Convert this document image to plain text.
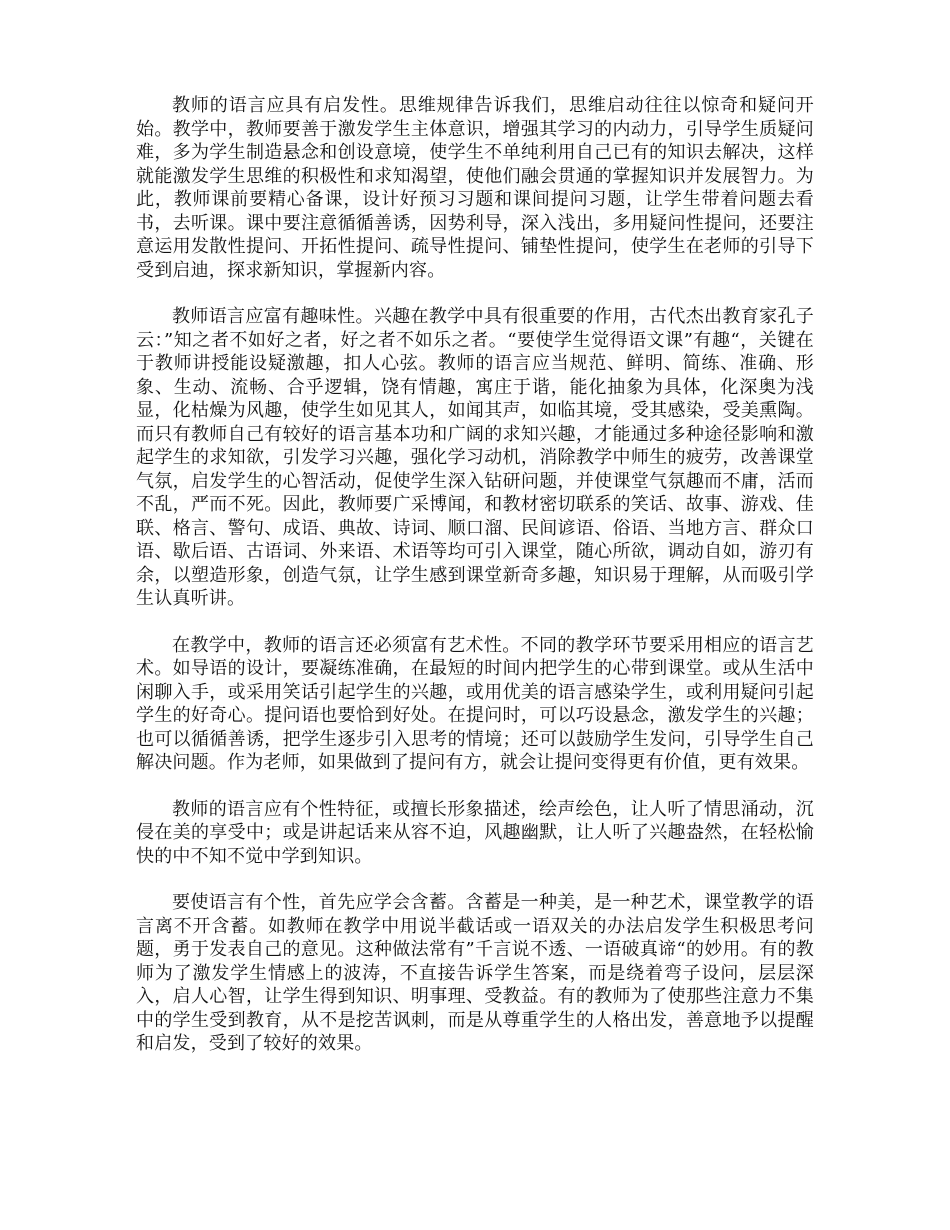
教师的语言应具有启发性。思维规律告诉我们，思维启动往往以惊奇和疑问开始。教学中，教师要善于激发学生主体意识，增强其学习的内动力，引导学生质疑问难，多为学生制造悬念和创设意境，使学生不单纯利用自己已有的知识去解决，这样就能激发学生思维的积极性和求知渴望，使他们融会贯通的掌握知识并发展智力。为此，教师课前要精心备课，设计好预习习题和课间提问习题，让学生带着问题去看书，去听课。课中要注意循循善诱，因势利导，深入浅出，多用疑问性提问，还要注意运用发散性提问、开拓性提问、疏导性提问、铺垫性提问，使学生在老师的引导下受到启迪，探求新知识，掌握新内容。

教师语言应富有趣味性。兴趣在教学中具有很重要的作用，古代杰出教育家孔子云：”知之者不如好之者，好之者不如乐之者。“要使学生觉得语文课”有趣“，关键在于教师讲授能设疑激趣，扣人心弦。教师的语言应当规范、鲜明、简练、准确、形象、生动、流畅、合乎逻辑，饶有情趣，寓庄于谐，能化抽象为具体，化深奥为浅显，化枯燥为风趣，使学生如见其人，如闻其声，如临其境，受其感染，受美熏陶。而只有教师自己有较好的语言基本功和广阔的求知兴趣，才能通过多种途径影响和激起学生的求知欲，引发学习兴趣，强化学习动机，消除教学中师生的疲劳，改善课堂气氛，启发学生的心智活动，促使学生深入钻研问题，并使课堂气氛趣而不庸，活而不乱，严而不死。因此，教师要广采博闻，和教材密切联系的笑话、故事、游戏、佳联、格言、警句、成语、典故、诗词、顺口溜、民间谚语、俗语、当地方言、群众口语、歇后语、古语词、外来语、术语等均可引入课堂，随心所欲，调动自如，游刃有余，以塑造形象，创造气氛，让学生感到课堂新奇多趣，知识易于理解，从而吸引学生认真听讲。

在教学中，教师的语言还必须富有艺术性。不同的教学环节要采用相应的语言艺术。如导语的设计，要凝练准确，在最短的时间内把学生的心带到课堂。或从生活中闲聊入手，或采用笑话引起学生的兴趣，或用优美的语言感染学生，或利用疑问引起学生的好奇心。提问语也要恰到好处。在提问时，可以巧设悬念，激发学生的兴趣；也可以循循善诱，把学生逐步引入思考的情境；还可以鼓励学生发问，引导学生自己解决问题。作为老师，如果做到了提问有方，就会让提问变得更有价值，更有效果。

教师的语言应有个性特征，或擅长形象描述，绘声绘色，让人听了情思涌动，沉侵在美的享受中；或是讲起话来从容不迫，风趣幽默，让人听了兴趣盎然，在轻松愉快的中不知不觉中学到知识。

要使语言有个性，首先应学会含蓄。含蓄是一种美，是一种艺术，课堂教学的语言离不开含蓄。如教师在教学中用说半截话或一语双关的办法启发学生积极思考问题，勇于发表自己的意见。这种做法常有”千言说不透、一语破真谛“的妙用。有的教师为了激发学生情感上的波涛，不直接告诉学生答案，而是绕着弯子设问，层层深入，启人心智，让学生得到知识、明事理、受教益。有的教师为了使那些注意力不集中的学生受到教育，从不是挖苦讽刺，而是从尊重学生的人格出发，善意地予以提醒和启发，受到了较好的效果。
